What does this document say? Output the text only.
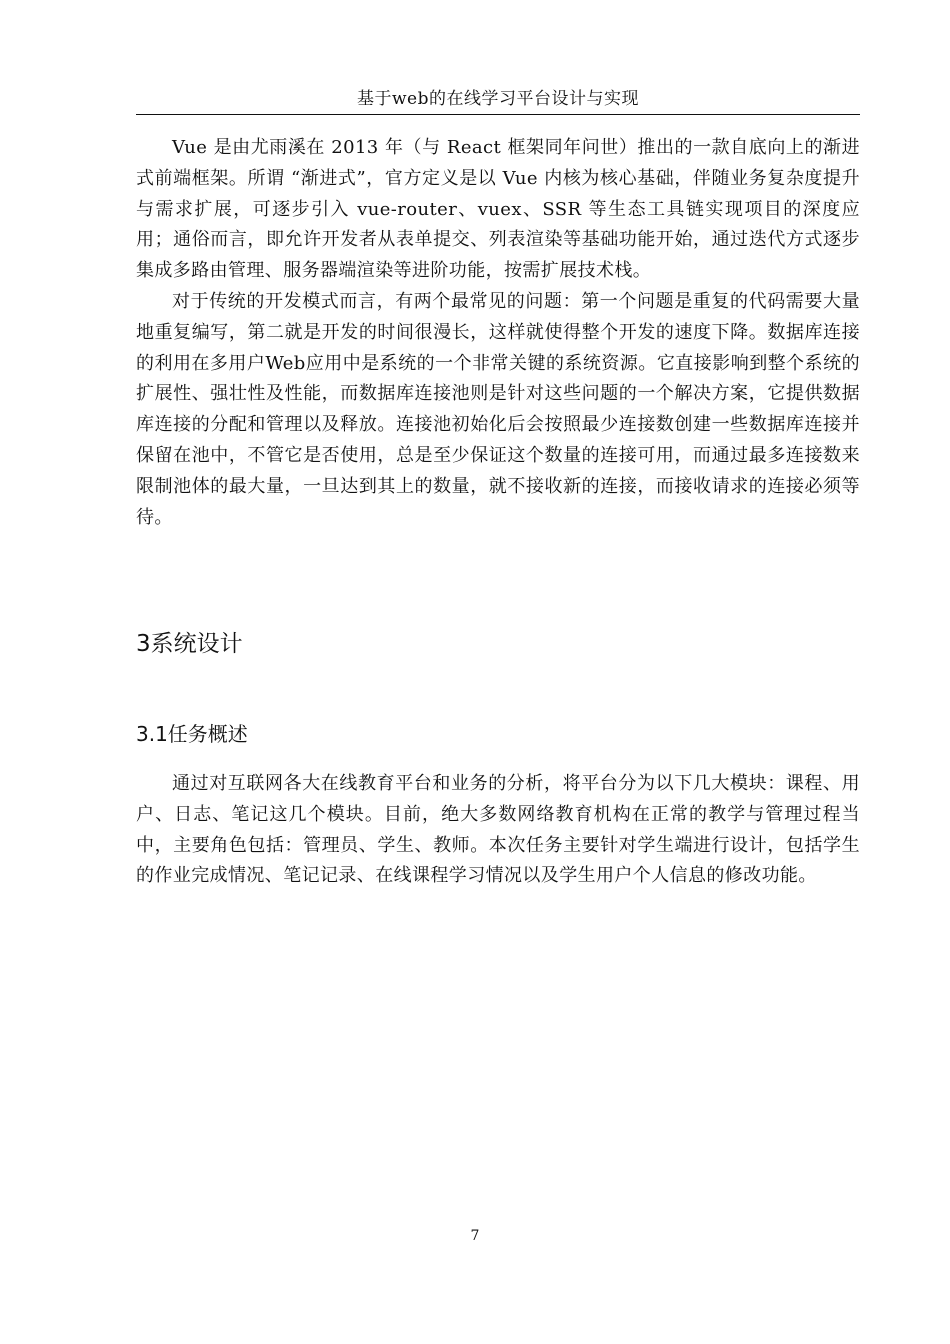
基于web的在线学习平台设计与实现

Vue 是由尤雨溪在 2013 年（与 React 框架同年问世）推出的一款自底向上的渐进式前端框架。所谓 “渐进式”，官方定义是以 Vue 内核为核心基础，伴随业务复杂度提升与需求扩展，可逐步引入 vue-router、vuex、SSR 等生态工具链实现项目的深度应用；通俗而言，即允许开发者从表单提交、列表渲染等基础功能开始，通过迭代方式逐步集成多路由管理、服务器端渲染等进阶功能，按需扩展技术栈。

对于传统的开发模式而言，有两个最常见的问题：第一个问题是重复的代码需要大量地重复编写，第二就是开发的时间很漫长，这样就使得整个开发的速度下降。数据库连接的利用在多用户Web应用中是系统的一个非常关键的系统资源。它直接影响到整个系统的扩展性、强壮性及性能，而数据库连接池则是针对这些问题的一个解决方案，它提供数据库连接的分配和管理以及释放。连接池初始化后会按照最少连接数创建一些数据库连接并保留在池中，不管它是否使用，总是至少保证这个数量的连接可用，而通过最多连接数来限制池体的最大量，一旦达到其上的数量，就不接收新的连接，而接收请求的连接必须等待。

3系统设计
3.1任务概述

通过对互联网各大在线教育平台和业务的分析，将平台分为以下几大模块：课程、用户、日志、笔记这几个模块。目前，绝大多数网络教育机构在正常的教学与管理过程当中，主要角色包括：管理员、学生、教师。本次任务主要针对学生端进行设计，包括学生的作业完成情况、笔记记录、在线课程学习情况以及学生用户个人信息的修改功能。

7
